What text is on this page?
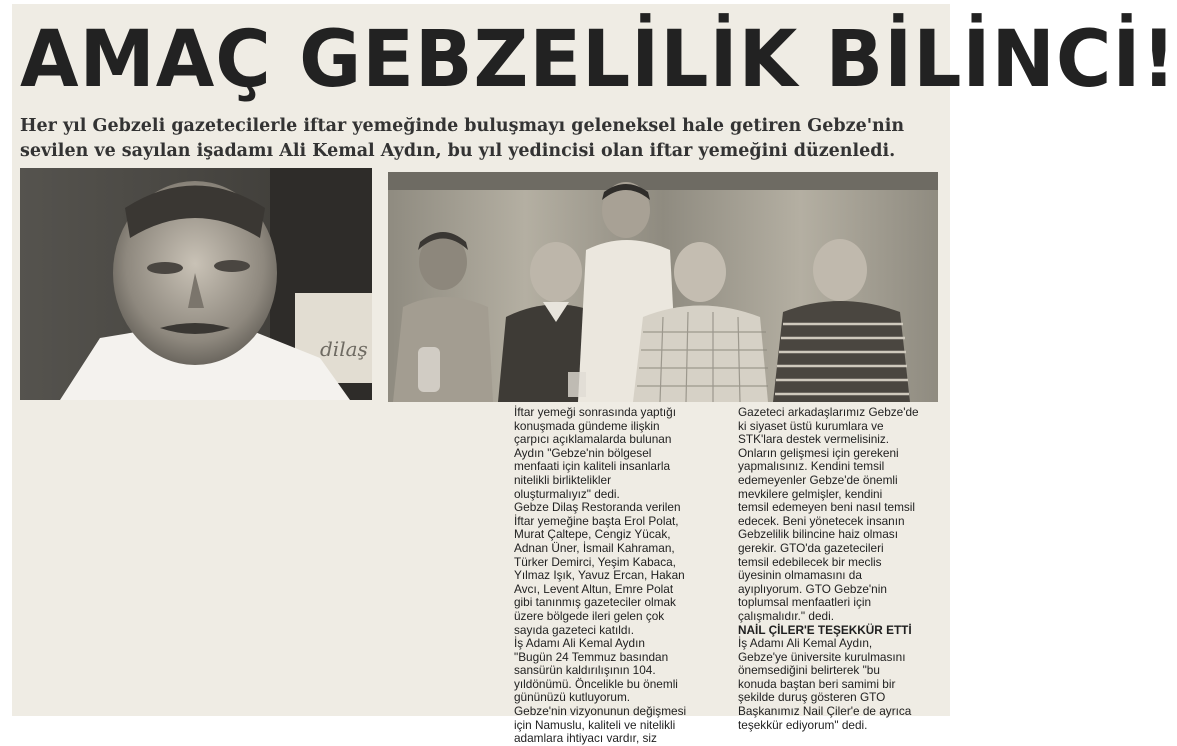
AMAÇ GEBZELİLİK BİLİNCİ!
Her yıl Gebzeli gazetecilerle iftar yemeğinde buluşmayı geleneksel hale getiren Gebze'nin
sevilen ve sayılan işadamı Ali Kemal Aydın, bu yıl yedincisi olan iftar yemeğini düzenledi.
dilaş
İftar yemeği sonrasında yaptığı
konuşmada gündeme ilişkin
çarpıcı açıklamalarda bulunan
Aydın "Gebze'nin bölgesel
menfaati için kaliteli insanlarla
nitelikli birliktelikler
oluşturmalıyız" dedi.
Gebze Dilaş Restoranda verilen
İftar yemeğine başta Erol Polat,
Murat Çaltepe, Cengiz Yücak,
Adnan Üner, İsmail Kahraman,
Türker Demirci, Yeşim Kabaca,
Yılmaz Işık, Yavuz Ercan, Hakan
Avcı, Levent Altun, Emre Polat
gibi tanınmış gazeteciler olmak
üzere bölgede ileri gelen çok
sayıda gazeteci katıldı.
İş Adamı Ali Kemal Aydın
"Bugün 24 Temmuz basından
sansürün kaldırılışının 104.
yıldönümü. Öncelikle bu önemli
gününüzü kutluyorum.
Gebze'nin vizyonunun değişmesi
için Namuslu, kaliteli ve nitelikli
adamlara ihtiyacı vardır, siz
Gazeteci arkadaşlarımız Gebze'de
ki siyaset üstü kurumlara ve
STK'lara destek vermelisiniz.
Onların gelişmesi için gerekeni
yapmalısınız. Kendini temsil
edemeyenler Gebze'de önemli
mevkilere gelmişler, kendini
temsil edemeyen beni nasıl temsil
edecek. Beni yönetecek insanın
Gebzelilik bilincine haiz olması
gerekir. GTO'da gazetecileri
temsil edebilecek bir meclis
üyesinin olmamasını da
ayıplıyorum. GTO Gebze'nin
toplumsal menfaatleri için
çalışmalıdır." dedi.
NAİL ÇİLER'E TEŞEKKÜR ETTİ
İş Adamı Ali Kemal Aydın,
Gebze'ye üniversite kurulmasını
önemsediğini belirterek "bu
konuda baştan beri samimi bir
şekilde duruş gösteren GTO
Başkanımız Nail Çiler'e de ayrıca
teşekkür ediyorum" dedi.
